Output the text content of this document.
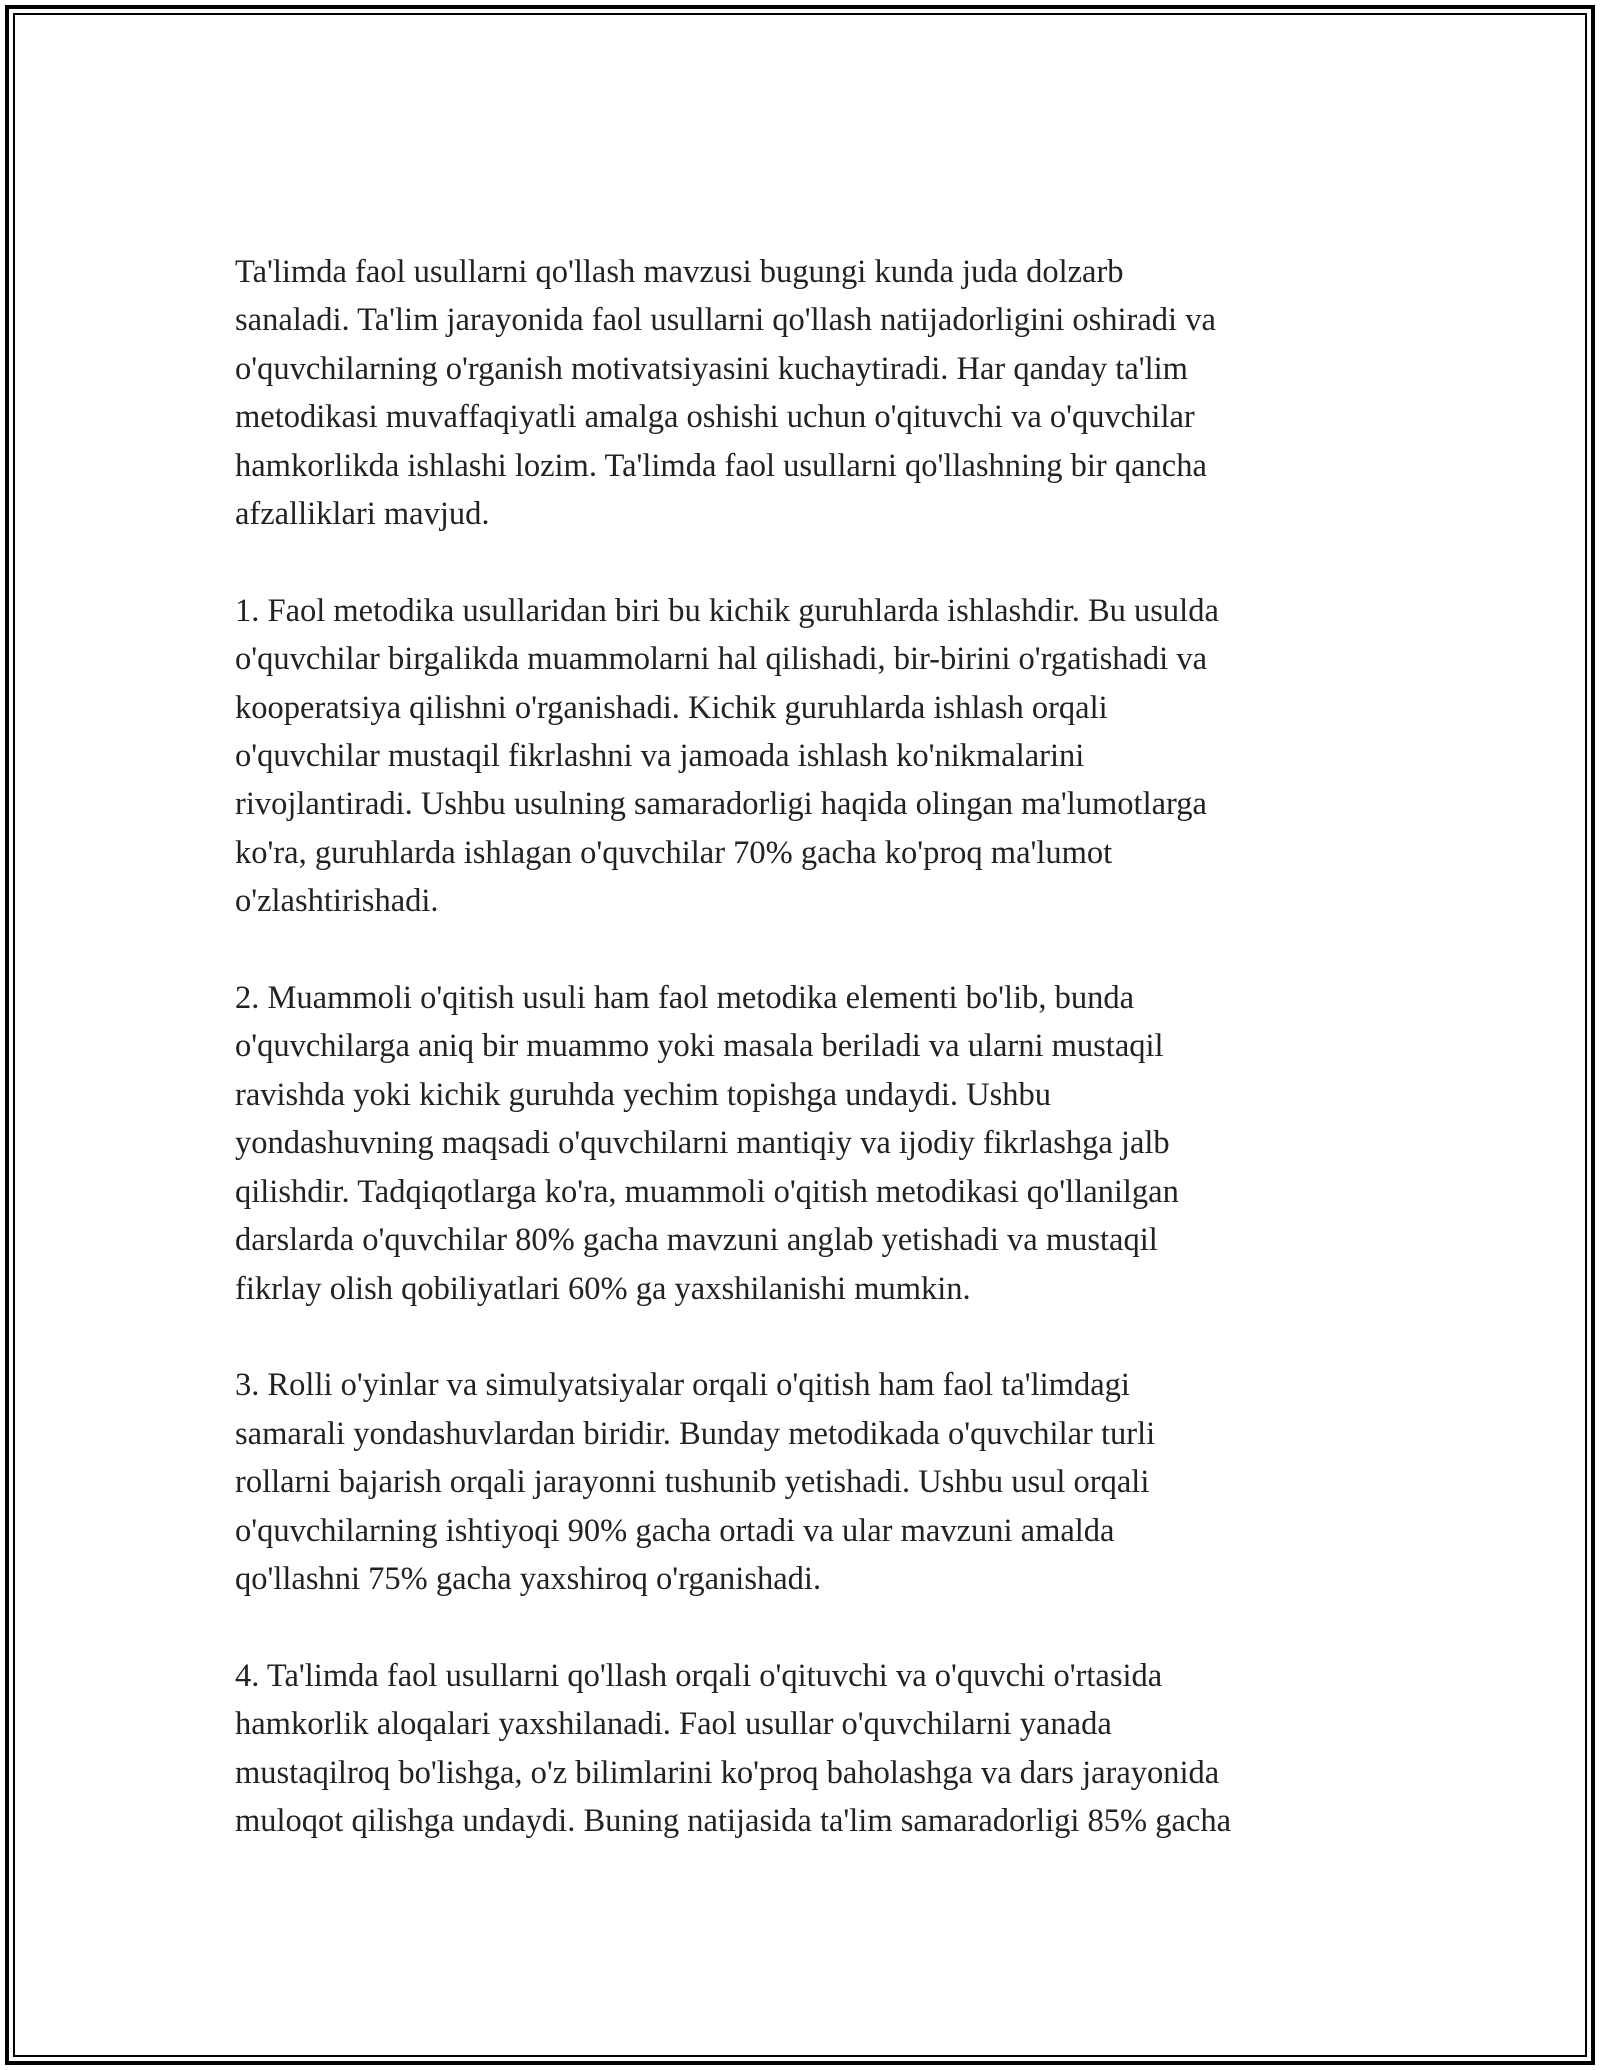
Ta'limda faol usullarni qo'llash mavzusi bugungi kunda juda dolzarb
sanaladi. Ta'lim jarayonida faol usullarni qo'llash natijadorligini oshiradi va
o'quvchilarning o'rganish motivatsiyasini kuchaytiradi. Har qanday ta'lim
metodikasi muvaffaqiyatli amalga oshishi uchun o'qituvchi va o'quvchilar
hamkorlikda ishlashi lozim. Ta'limda faol usullarni qo'llashning bir qancha
afzalliklari mavjud.

1. Faol metodika usullaridan biri bu kichik guruhlarda ishlashdir. Bu usulda
o'quvchilar birgalikda muammolarni hal qilishadi, bir-birini o'rgatishadi va
kooperatsiya qilishni o'rganishadi. Kichik guruhlarda ishlash orqali
o'quvchilar mustaqil fikrlashni va jamoada ishlash ko'nikmalarini
rivojlantiradi. Ushbu usulning samaradorligi haqida olingan ma'lumotlarga
ko'ra, guruhlarda ishlagan o'quvchilar 70% gacha ko'proq ma'lumot
o'zlashtirishadi.

2. Muammoli o'qitish usuli ham faol metodika elementi bo'lib, bunda
o'quvchilarga aniq bir muammo yoki masala beriladi va ularni mustaqil
ravishda yoki kichik guruhda yechim topishga undaydi. Ushbu
yondashuvning maqsadi o'quvchilarni mantiqiy va ijodiy fikrlashga jalb
qilishdir. Tadqiqotlarga ko'ra, muammoli o'qitish metodikasi qo'llanilgan
darslarda o'quvchilar 80% gacha mavzuni anglab yetishadi va mustaqil
fikrlay olish qobiliyatlari 60% ga yaxshilanishi mumkin.

3. Rolli o'yinlar va simulyatsiyalar orqali o'qitish ham faol ta'limdagi
samarali yondashuvlardan biridir. Bunday metodikada o'quvchilar turli
rollarni bajarish orqali jarayonni tushunib yetishadi. Ushbu usul orqali
o'quvchilarning ishtiyoqi 90% gacha ortadi va ular mavzuni amalda
qo'llashni 75% gacha yaxshiroq o'rganishadi.

4. Ta'limda faol usullarni qo'llash orqali o'qituvchi va o'quvchi o'rtasida
hamkorlik aloqalari yaxshilanadi. Faol usullar o'quvchilarni yanada
mustaqilroq bo'lishga, o'z bilimlarini ko'proq baholashga va dars jarayonida
muloqot qilishga undaydi. Buning natijasida ta'lim samaradorligi 85% gacha
